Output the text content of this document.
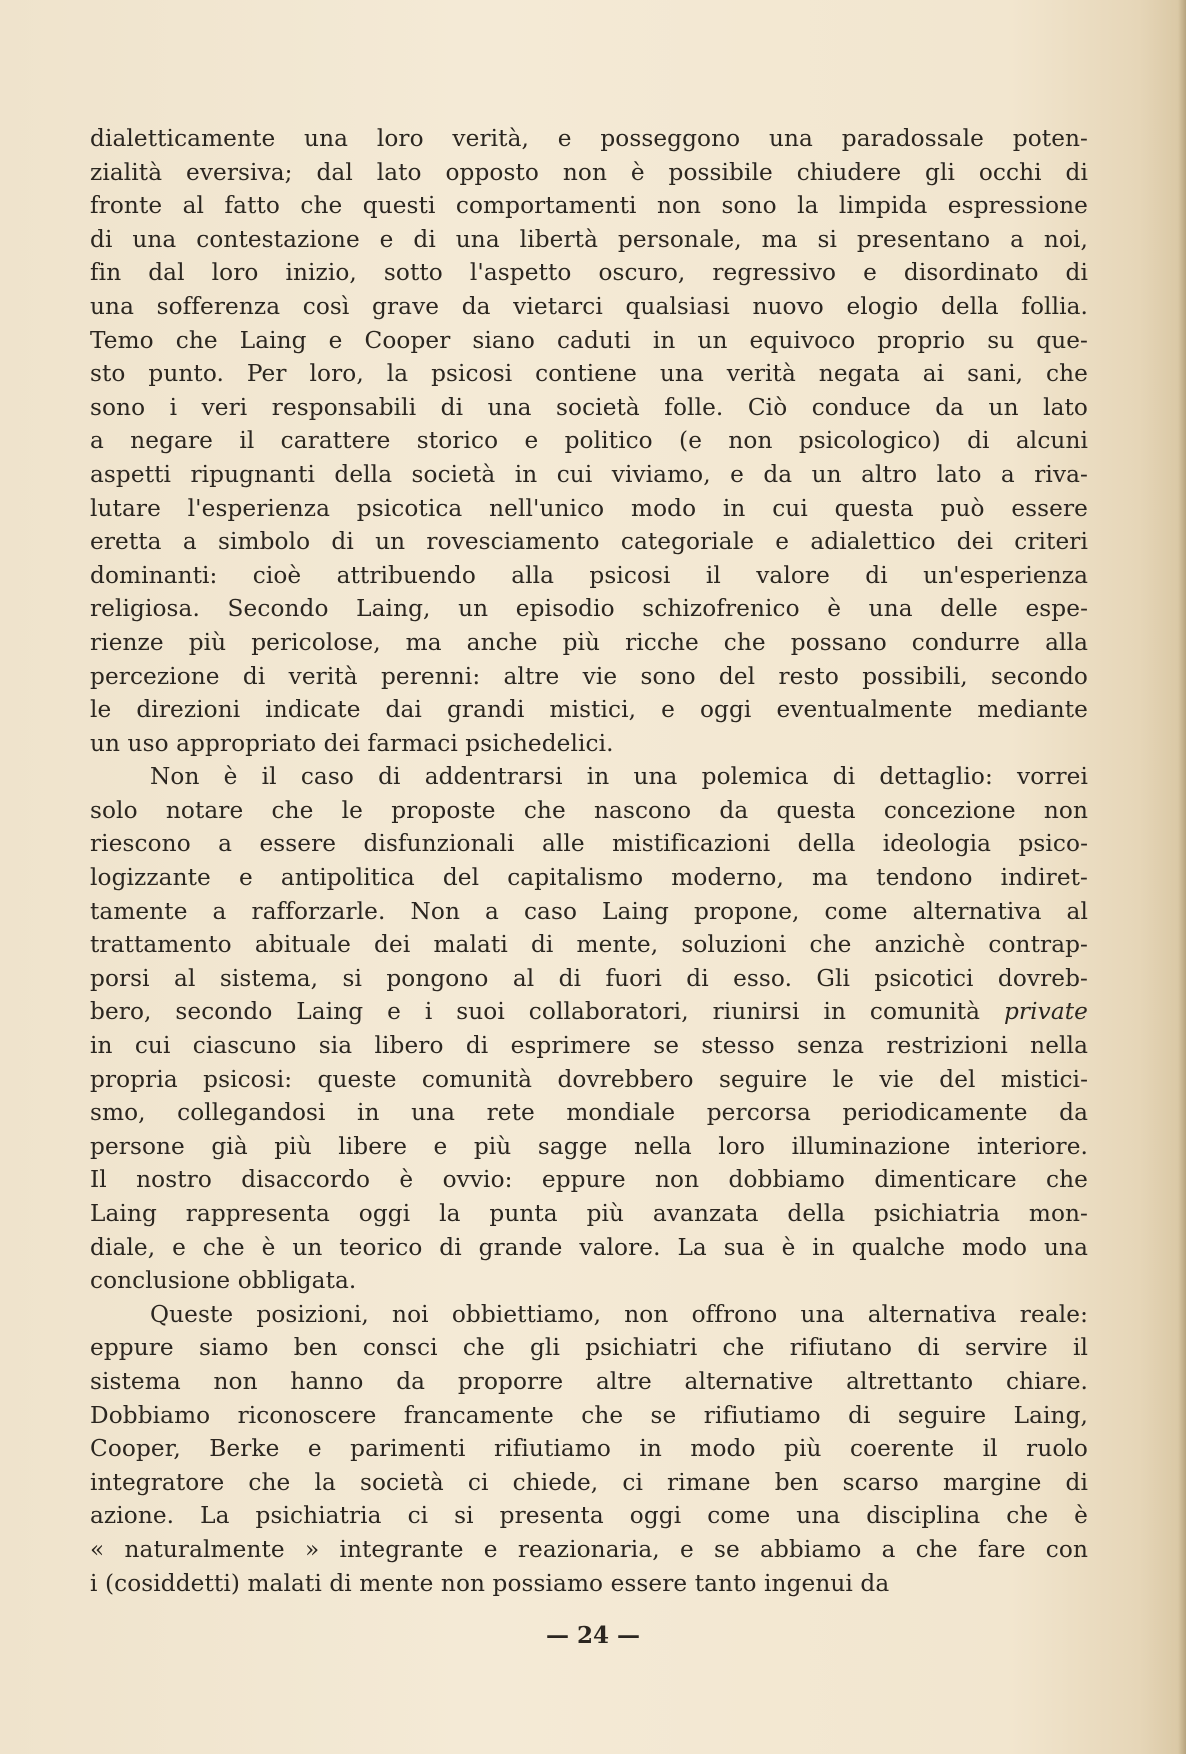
dialetticamente una loro verità, e posseggono una paradossale poten-
zialità eversiva; dal lato opposto non è possibile chiudere gli occhi di
fronte al fatto che questi comportamenti non sono la limpida espressione
di una contestazione e di una libertà personale, ma si presentano a noi,
fin dal loro inizio, sotto l'aspetto oscuro, regressivo e disordinato di
una sofferenza così grave da vietarci qualsiasi nuovo elogio della follia.
Temo che Laing e Cooper siano caduti in un equivoco proprio su que-
sto punto. Per loro, la psicosi contiene una verità negata ai sani, che
sono i veri responsabili di una società folle. Ciò conduce da un lato
a negare il carattere storico e politico (e non psicologico) di alcuni
aspetti ripugnanti della società in cui viviamo, e da un altro lato a riva-
lutare l'esperienza psicotica nell'unico modo in cui questa può essere
eretta a simbolo di un rovesciamento categoriale e adialettico dei criteri
dominanti: cioè attribuendo alla psicosi il valore di un'esperienza
religiosa. Secondo Laing, un episodio schizofrenico è una delle espe-
rienze più pericolose, ma anche più ricche che possano condurre alla
percezione di verità perenni: altre vie sono del resto possibili, secondo
le direzioni indicate dai grandi mistici, e oggi eventualmente mediante
un uso appropriato dei farmaci psichedelici.
Non è il caso di addentrarsi in una polemica di dettaglio: vorrei
solo notare che le proposte che nascono da questa concezione non
riescono a essere disfunzionali alle mistificazioni della ideologia psico-
logizzante e antipolitica del capitalismo moderno, ma tendono indiret-
tamente a rafforzarle. Non a caso Laing propone, come alternativa al
trattamento abituale dei malati di mente, soluzioni che anzichè contrap-
porsi al sistema, si pongono al di fuori di esso. Gli psicotici dovreb-
bero, secondo Laing e i suoi collaboratori, riunirsi in comunità private
in cui ciascuno sia libero di esprimere se stesso senza restrizioni nella
propria psicosi: queste comunità dovrebbero seguire le vie del mistici-
smo, collegandosi in una rete mondiale percorsa periodicamente da
persone già più libere e più sagge nella loro illuminazione interiore.
Il nostro disaccordo è ovvio: eppure non dobbiamo dimenticare che
Laing rappresenta oggi la punta più avanzata della psichiatria mon-
diale, e che è un teorico di grande valore. La sua è in qualche modo una
conclusione obbligata.
Queste posizioni, noi obbiettiamo, non offrono una alternativa reale:
eppure siamo ben consci che gli psichiatri che rifiutano di servire il
sistema non hanno da proporre altre alternative altrettanto chiare.
Dobbiamo riconoscere francamente che se rifiutiamo di seguire Laing,
Cooper, Berke e parimenti rifiutiamo in modo più coerente il ruolo
integratore che la società ci chiede, ci rimane ben scarso margine di
azione. La psichiatria ci si presenta oggi come una disciplina che è
« naturalmente » integrante e reazionaria, e se abbiamo a che fare con
i (cosiddetti) malati di mente non possiamo essere tanto ingenui da
— 24 —
